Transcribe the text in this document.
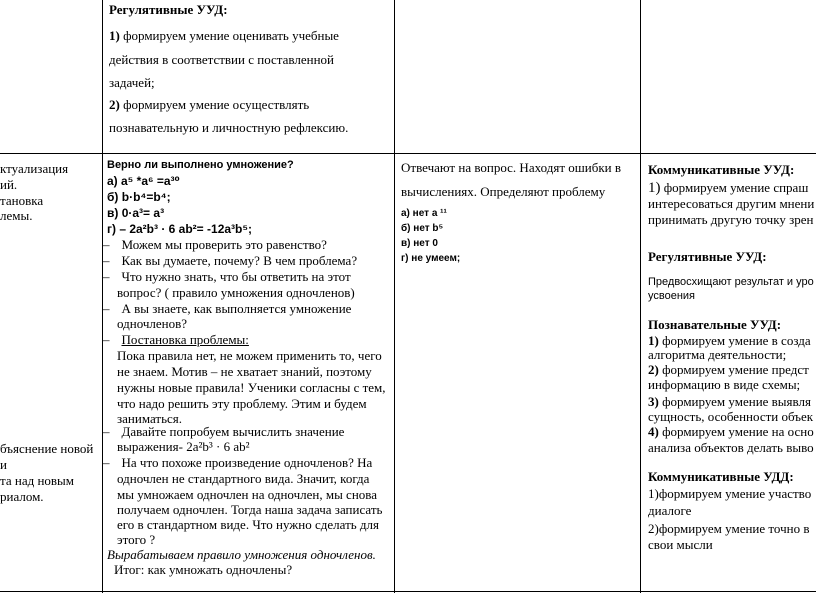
ктуализация
ий.
тановка
лемы.
бъяснение новой
и
та над новым
риалом.
Регулятивные УУД:
1) формируем умение оценивать учебные
действия в соответствии с поставленной
задачей;
2) формируем умение осуществлять
познавательную и личностную рефлексию.
Верно ли выполнено умножение?
а) a⁵ *a⁶ =a³⁰
б) b·b⁴=b⁴;
в) 0·a³= a³
г) – 2a²b³ · 6 ab²= -12a³b⁵;
– Можем мы проверить это равенство?
– Как вы думаете, почему? В чем проблема?
– Что нужно знать, что бы ответить на этот
вопрос? ( правило умножения одночленов)
– А вы знаете, как выполняется умножение
одночленов?
– Постановка проблемы:
Пока правила нет, не можем применить то, чего
не знаем. Мотив – не хватает знаний, поэтому
нужны новые правила! Ученики согласны с тем,
что надо решить эту проблему. Этим и будем
заниматься.
– Давайте попробуем вычислить значение
выражения- 2a²b³ · 6 ab²
– На что похоже произведение одночленов? На
одночлен не стандартного вида. Значит, когда
мы умножаем одночлен на одночлен, мы снова
получаем одночлен. Тогда наша задача записать
его в стандартном виде. Что нужно сделать для
этого ?
Вырабатываем правило умножения одночленов.
Итог: как умножать одночлены?
Отвечают на вопрос. Находят ошибки в
вычислениях. Определяют проблему
а) нет а ¹¹
б) нет b⁵
в) нет 0
г) не умеем;
Коммуникативные УУД:
1) формируем умение спраш
интересоваться другим мнени
принимать другую точку зрен
Регулятивные УУД:
Предвосхищают результат и уро
усвоения
Познавательные УУД:
1) формируем умение в созда
алгоритма деятельности;
2) формируем умение предст
информацию в виде схемы;
3) формируем умение выявля
сущность, особенности объек
4) формируем умение на осно
анализа объектов делать выво
Коммуникативные УДД:
1)формируем умение участво
диалоге
2)формируем умение точно в
свои мысли
